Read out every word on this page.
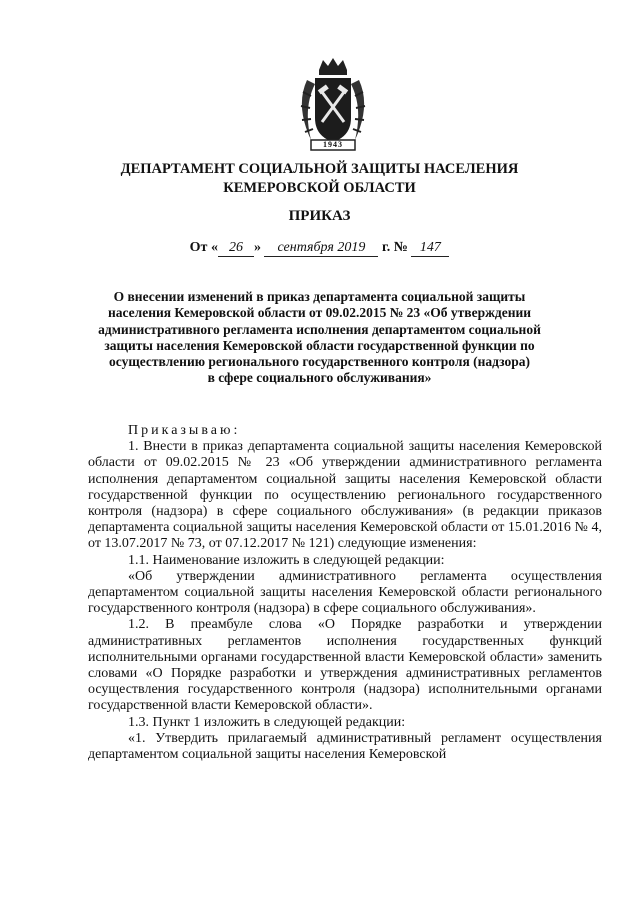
1943
ДЕПАРТАМЕНТ СОЦИАЛЬНОЙ ЗАЩИТЫ НАСЕЛЕНИЯ
КЕМЕРОВСКОЙ ОБЛАСТИ
ПРИКАЗ
От « 26 » сентября 2019 г. № 147
О внесении изменений в приказ департамента социальной защиты
населения Кемеровской области от 09.02.2015 № 23 «Об утверждении
административного регламента исполнения департаментом социальной
защиты населения Кемеровской области государственной функции по
осуществлению регионального государственного контроля (надзора)
в сфере социального обслуживания»

Приказываю:

1. Внести в приказ департамента социальной защиты населения Кемеровской области от 09.02.2015 № 23 «Об утверждении административного регламента исполнения департаментом социальной защиты населения Кемеровской области государственной функции по осуществлению регионального государственного контроля (надзора) в сфере социального обслуживания» (в редакции приказов департамента социальной защиты населения Кемеровской области от 15.01.2016 № 4, от 13.07.2017 № 73, от 07.12.2017 № 121) следующие изменения:

1.1. Наименование изложить в следующей редакции:

«Об утверждении административного регламента осуществления департаментом социальной защиты населения Кемеровской области регионального государственного контроля (надзора) в сфере социального обслуживания».

1.2. В преамбуле слова «О Порядке разработки и утверждении административных регламентов исполнения государственных функций исполнительными органами государственной власти Кемеровской области» заменить словами «О Порядке разработки и утверждения административных регламентов осуществления государственного контроля (надзора) исполнительными органами государственной власти Кемеровской области».

1.3. Пункт 1 изложить в следующей редакции:

«1. Утвердить прилагаемый административный регламент осуществления департаментом социальной защиты населения Кемеровской
